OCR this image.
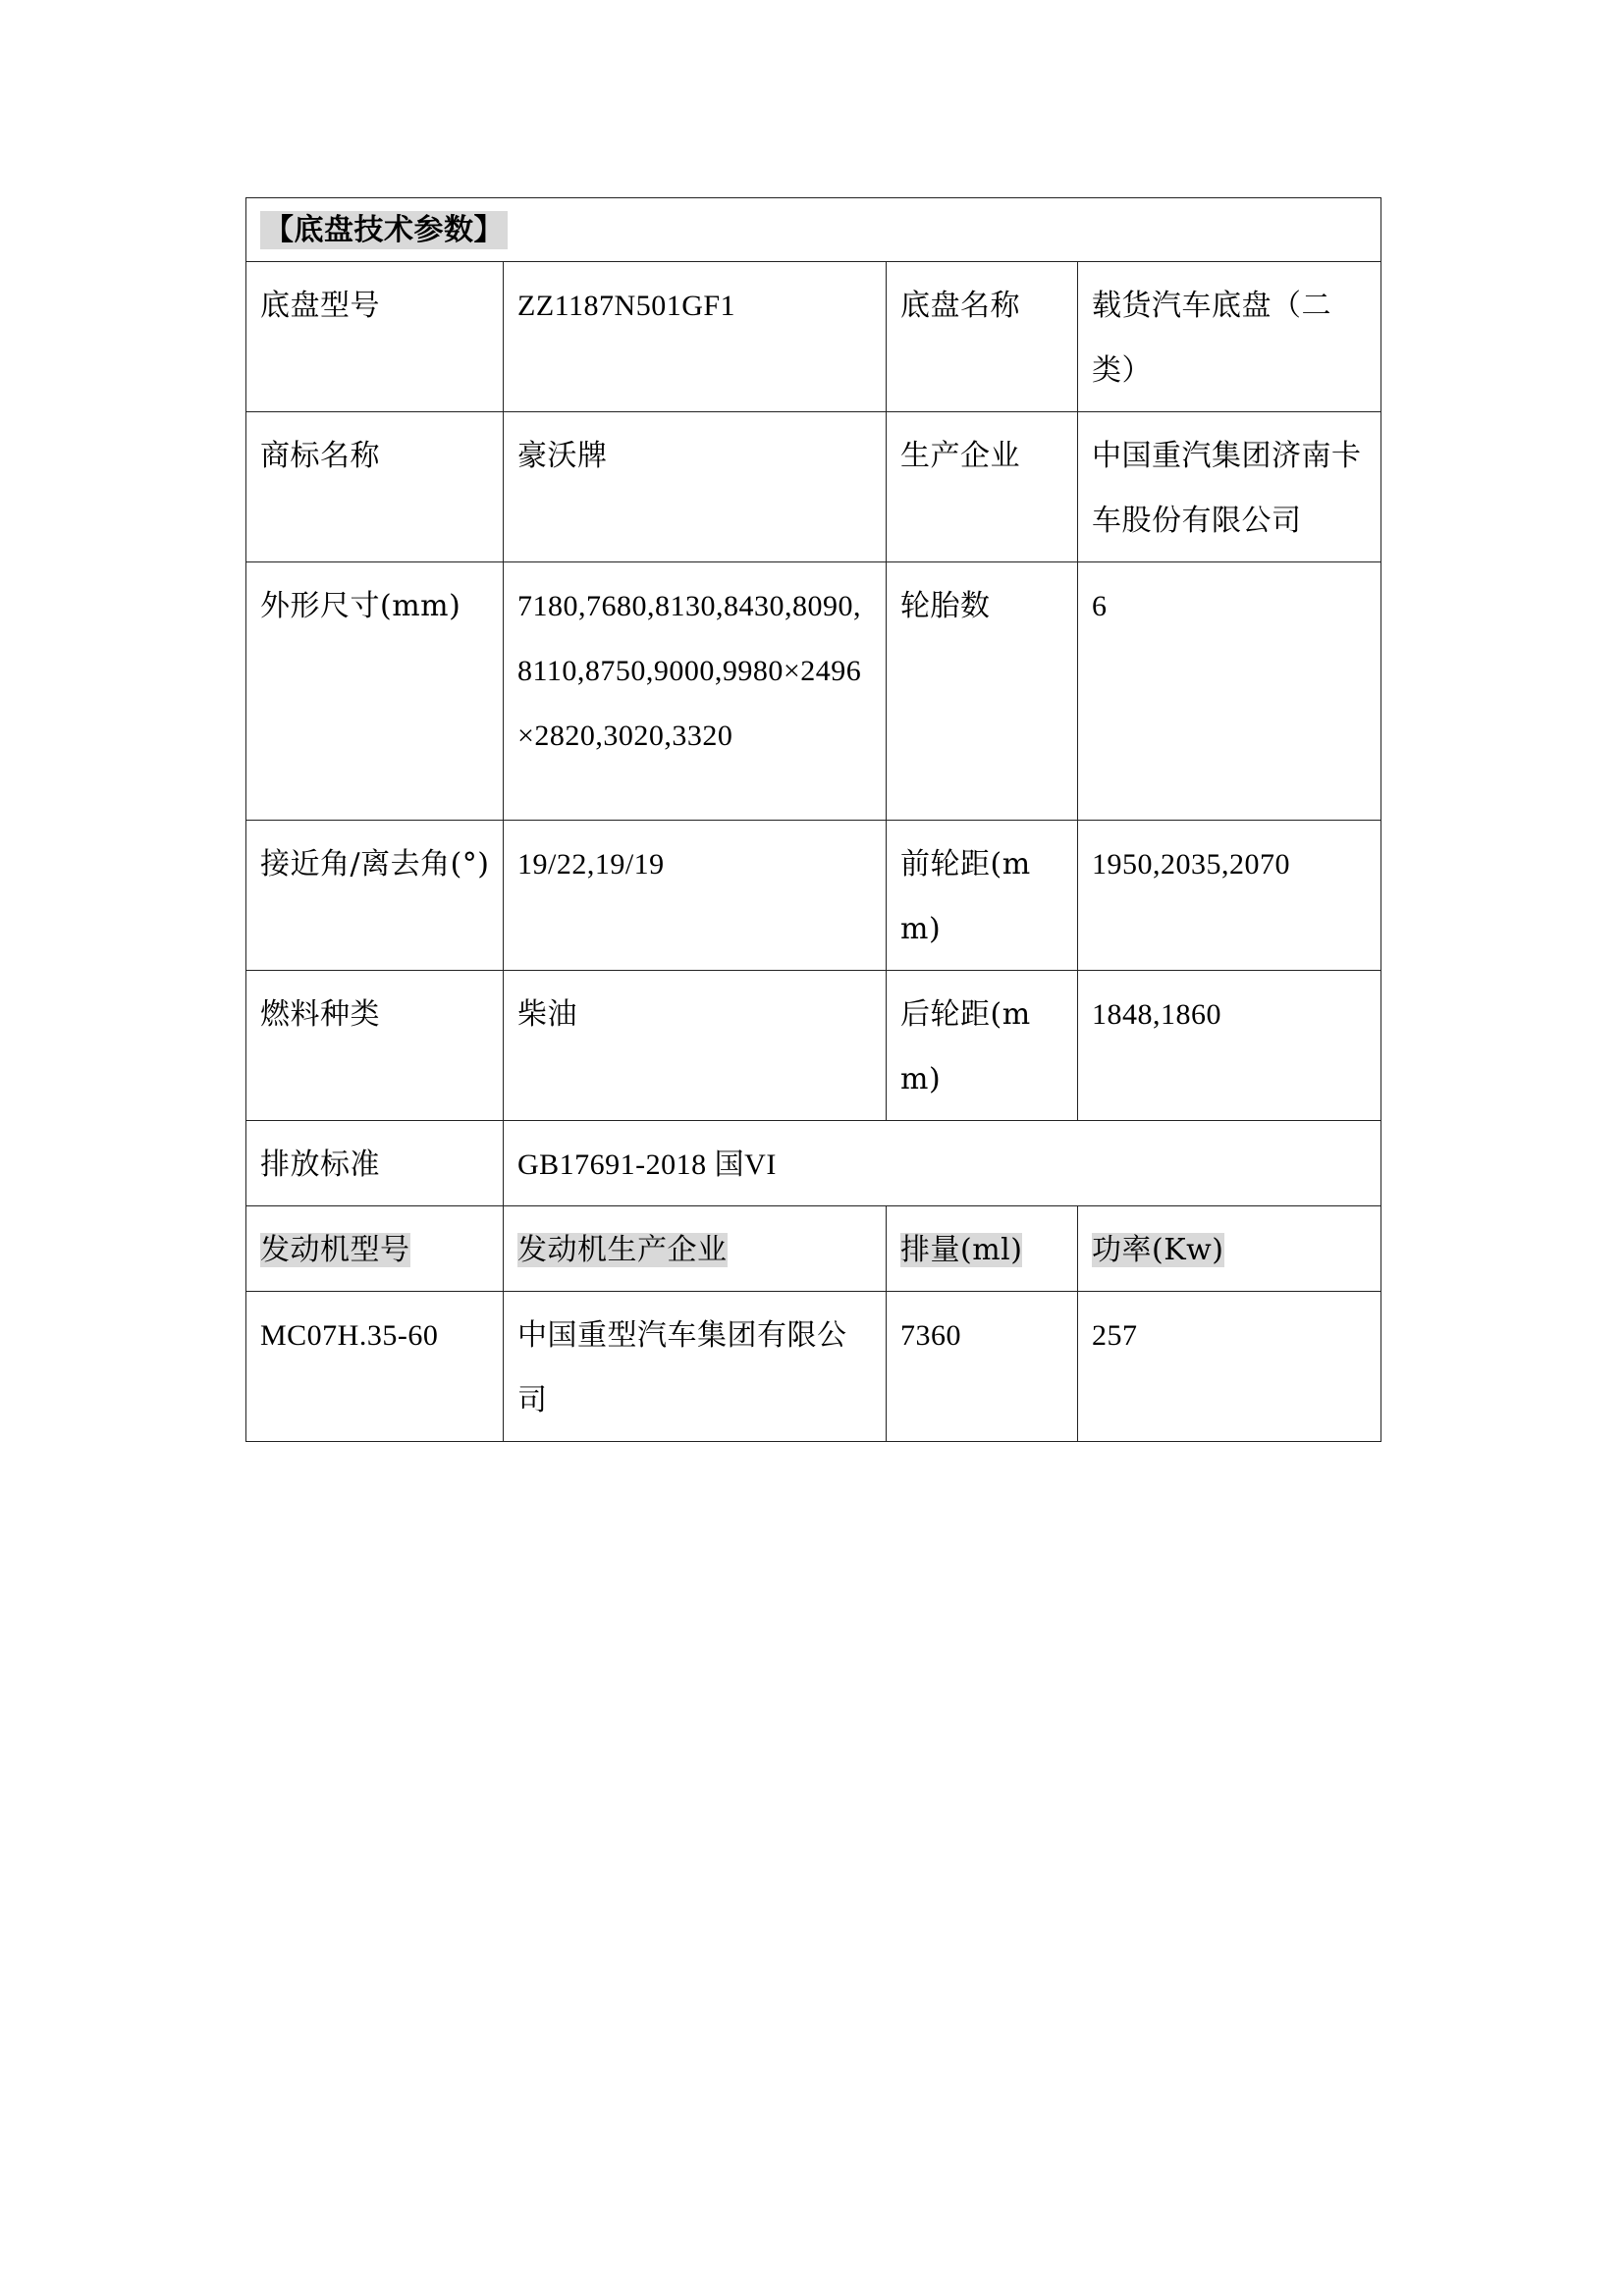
【底盘技术参数】			
底盘型号	ZZ1187N501GF1	底盘名称	载货汽车底盘（二类）
商标名称	豪沃牌	生产企业	中国重汽集团济南卡车股份有限公司
外形尺寸(mm)	7180,7680,8130,8430,8090,8110,8750,9000,9980×2496×2820,3020,3320	轮胎数	6
接近角/离去角(°)	19/22,19/19	前轮距(mm)	1950,2035,2070
燃料种类	柴油	后轮距(mm)	1848,1860
排放标准	GB17691-2018 国VI		
发动机型号	发动机生产企业	排量(ml)	功率(Kw)
MC07H.35-60	中国重型汽车集团有限公司	7360	257
